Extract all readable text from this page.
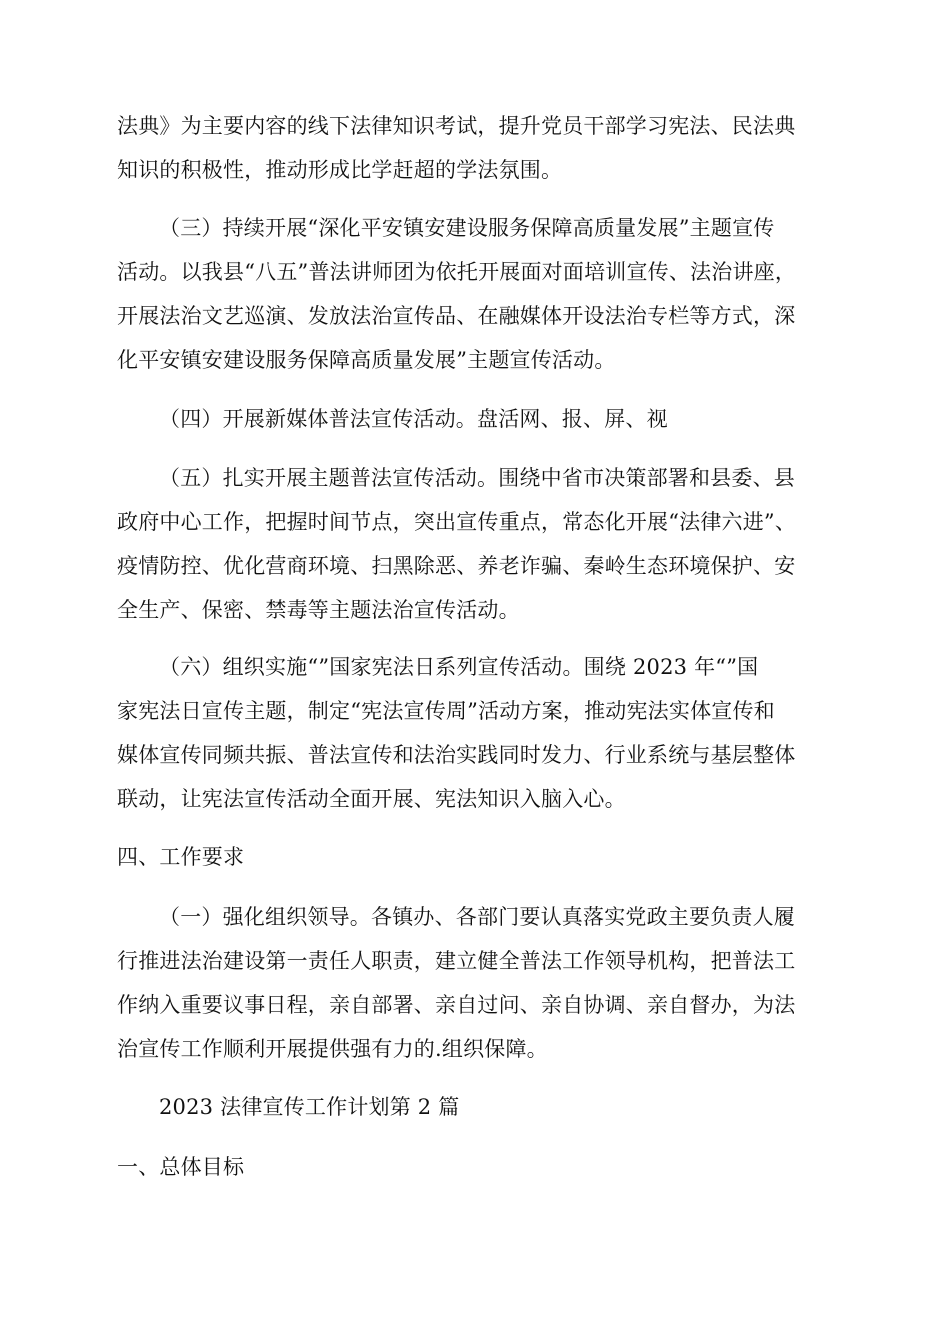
法典》为主要内容的线下法律知识考试，提升党员干部学习宪法、民法典
知识的积极性，推动形成比学赶超的学法氛围。
（三）持续开展“深化平安镇安建设服务保障高质量发展”主题宣传
活动。以我县“八五”普法讲师团为依托开展面对面培训宣传、法治讲座，
开展法治文艺巡演、发放法治宣传品、在融媒体开设法治专栏等方式，深
化平安镇安建设服务保障高质量发展”主题宣传活动。
（四）开展新媒体普法宣传活动。盘活网、报、屏、视
（五）扎实开展主题普法宣传活动。围绕中省市决策部署和县委、县
政府中心工作，把握时间节点，突出宣传重点，常态化开展“法律六进”、
疫情防控、优化营商环境、扫黑除恶、养老诈骗、秦岭生态环境保护、安
全生产、保密、禁毒等主题法治宣传活动。
（六）组织实施“”国家宪法日系列宣传活动。围绕 2023 年“”国
家宪法日宣传主题，制定“宪法宣传周”活动方案，推动宪法实体宣传和
媒体宣传同频共振、普法宣传和法治实践同时发力、行业系统与基层整体
联动，让宪法宣传活动全面开展、宪法知识入脑入心。
四、工作要求
（一）强化组织领导。各镇办、各部门要认真落实党政主要负责人履
行推进法治建设第一责任人职责，建立健全普法工作领导机构，把普法工
作纳入重要议事日程，亲自部署、亲自过问、亲自协调、亲自督办，为法
治宣传工作顺利开展提供强有力的.组织保障。
2023 法律宣传工作计划第 2 篇
一、总体目标
